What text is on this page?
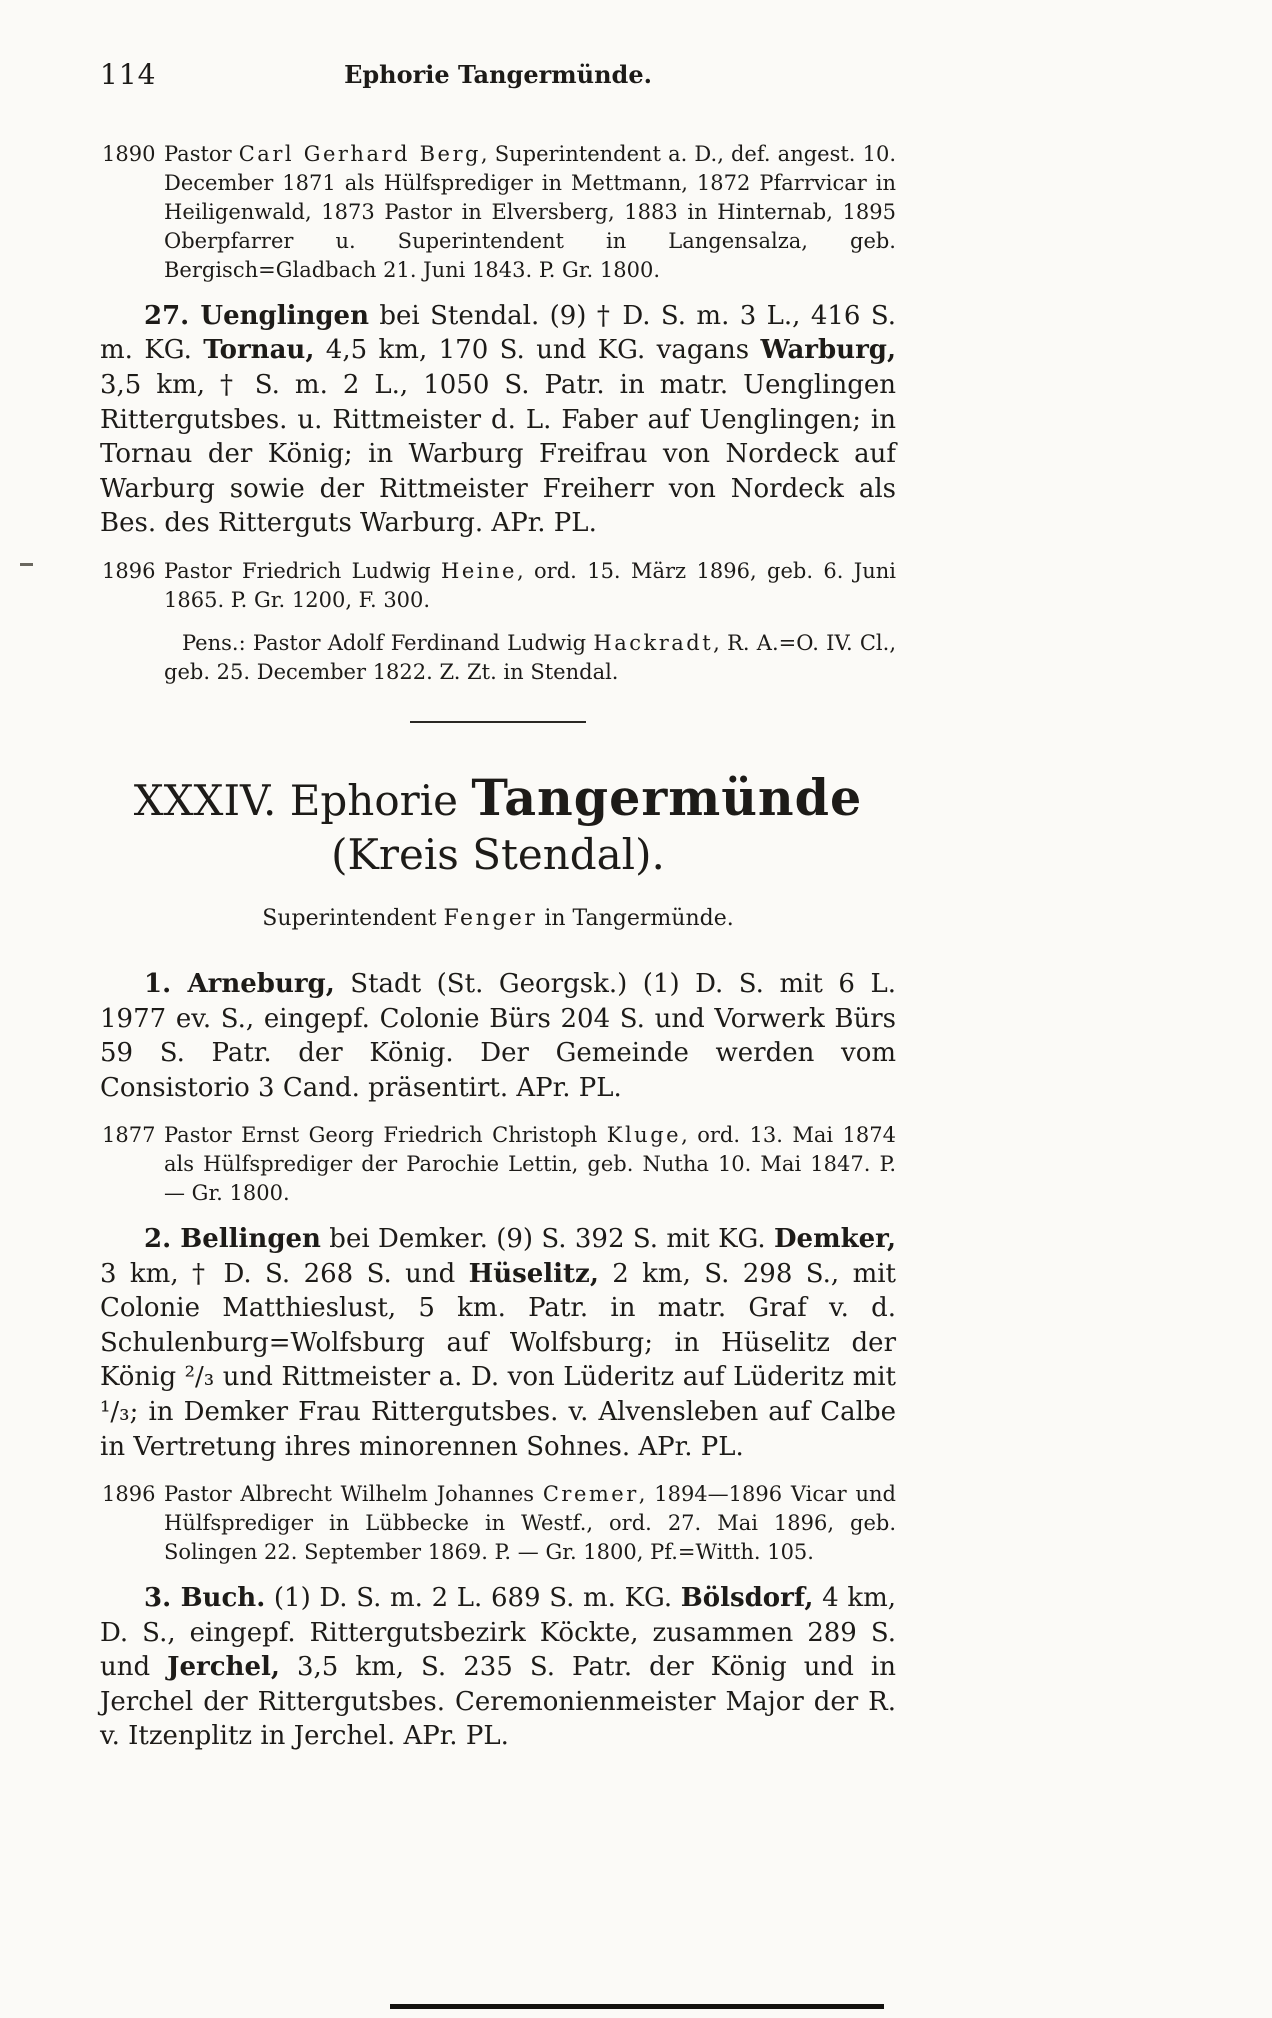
114	Ephorie Tangermünde.

1890 Pastor Carl Gerhard Berg, Superintendent a. D., def. angest. 10. December 1871 als Hülfsprediger in Mettmann, 1872 Pfarrvicar in Heiligenwald, 1873 Pastor in Elversberg, 1883 in Hinternab, 1895 Oberpfarrer u. Superintendent in Langensalza, geb. Bergisch=Gladbach 21. Juni 1843. P. Gr. 1800.

27. Uenglingen bei Stendal. (9) † D. S. m. 3 L., 416 S. m. KG. Tornau, 4,5 km, 170 S. und KG. vagans Warburg, 3,5 km, † S. m. 2 L., 1050 S. Patr. in matr. Uenglingen Rittergutsbes. u. Rittmeister d. L. Faber auf Uenglingen; in Tornau der König; in Warburg Freifrau von Nordeck auf Warburg sowie der Rittmeister Freiherr von Nordeck als Bes. des Ritterguts Warburg. APr. PL.

1896 Pastor Friedrich Ludwig Heine, ord. 15. März 1896, geb. 6. Juni 1865. P. Gr. 1200, F. 300.

Pens.: Pastor Adolf Ferdinand Ludwig Hackradt, R. A.=O. IV. Cl., geb. 25. December 1822. Z. Zt. in Stendal.

XXXIV. Ephorie Tangermünde (Kreis Stendal).

Superintendent Fenger in Tangermünde.

1. Arneburg, Stadt (St. Georgsk.) (1) D. S. mit 6 L. 1977 ev. S., eingepf. Colonie Bürs 204 S. und Vorwerk Bürs 59 S. Patr. der König. Der Gemeinde werden vom Consistorio 3 Cand. präsentirt. APr. PL.

1877 Pastor Ernst Georg Friedrich Christoph Kluge, ord. 13. Mai 1874 als Hülfsprediger der Parochie Lettin, geb. Nutha 10. Mai 1847. P. — Gr. 1800.

2. Bellingen bei Demker. (9) S. 392 S. mit KG. Demker, 3 km, † D. S. 268 S. und Hüselitz, 2 km, S. 298 S., mit Colonie Matthieslust, 5 km. Patr. in matr. Graf v. d. Schulenburg=Wolfsburg auf Wolfsburg; in Hüselitz der König ²/₃ und Rittmeister a. D. von Lüderitz auf Lüderitz mit ¹/₃; in Demker Frau Rittergutsbes. v. Alvensleben auf Calbe in Vertretung ihres minorennen Sohnes. APr. PL.

1896 Pastor Albrecht Wilhelm Johannes Cremer, 1894—1896 Vicar und Hülfsprediger in Lübbecke in Westf., ord. 27. Mai 1896, geb. Solingen 22. September 1869. P. — Gr. 1800, Pf.=Witth. 105.

3. Buch. (1) D. S. m. 2 L. 689 S. m. KG. Bölsdorf, 4 km, D. S., eingepf. Rittergutsbezirk Köckte, zusammen 289 S. und Jerchel, 3,5 km, S. 235 S. Patr. der König und in Jerchel der Rittergutsbes. Ceremonienmeister Major der R. v. Itzenplitz in Jerchel. APr. PL.
